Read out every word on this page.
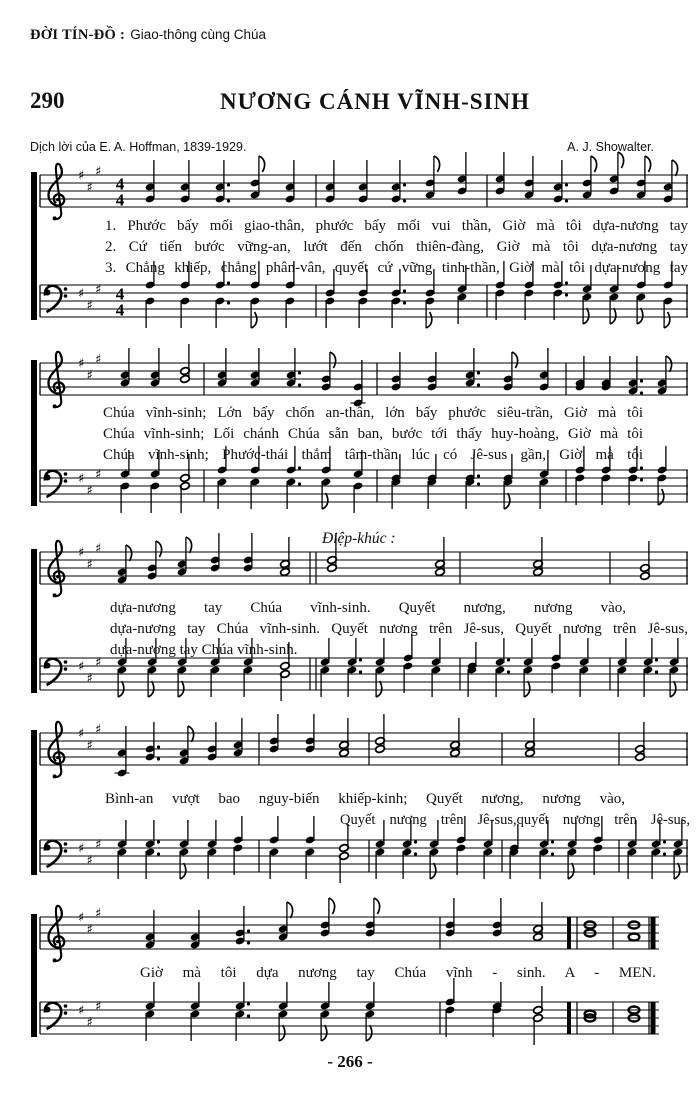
ĐỜI TÍN-ĐỒ : Giao-thông cùng Chúa
290	NƯƠNG CÁNH VĨNH-SINH
Dịch lời của E. A. Hoffman, 1839-1929.	A. J. Showalter.
♯
♯
♯
4
4
♯
♯
♯ 4
4
♯
♯
♯
♯
♯
♯
♯
♯
♯
♯
♯
♯
♯
♯
♯
♯
♯
♯
♯
♯
♯
♯
♯
♯
Điệp-khúc :
1. Phước bấy mối giao-thân, phước bấy mối vui thần, Giờ mà tôi dựa-nương tay
2. Cứ tiến bước vững-an, lướt đến chốn thiên-đàng, Giờ mà tôi dựa-nương tay
3. Chẳng khiếp, chẳng phân-vân, quyết cứ vững tinh-thần, Giờ mà tôi dựa-nương tay
Chúa vĩnh-sinh; Lớn bấy chốn an-thân, lớn bấy phước siêu-trần, Giờ mà tôi
Chúa vĩnh-sinh; Lối chánh Chúa sẵn ban, bước tới thấy huy-hoàng, Giờ mà tôi
Chúa vĩnh-sinh; Phước-thái thắm tâm-thần lúc có Jê-sus gần, Giờ mà tôi
dựa-nương tay Chúa vĩnh-sinh. Quyết nương, nương vào,
dựa-nương tay Chúa vĩnh-sinh. Quyết nương trên Jê-sus, Quyết nương trên Jê-sus,
dựa-nương tay Chúa vĩnh-sinh.
Bình-an vượt bao nguy-biến khiếp-kinh; Quyết nương, nương vào,
Quyết nương trên Jê-sus,quyết nương trên Jê-sus,
Giờ mà tôi dựa nương tay Chúa vĩnh - sinh. A - MEN.
- 266 -
